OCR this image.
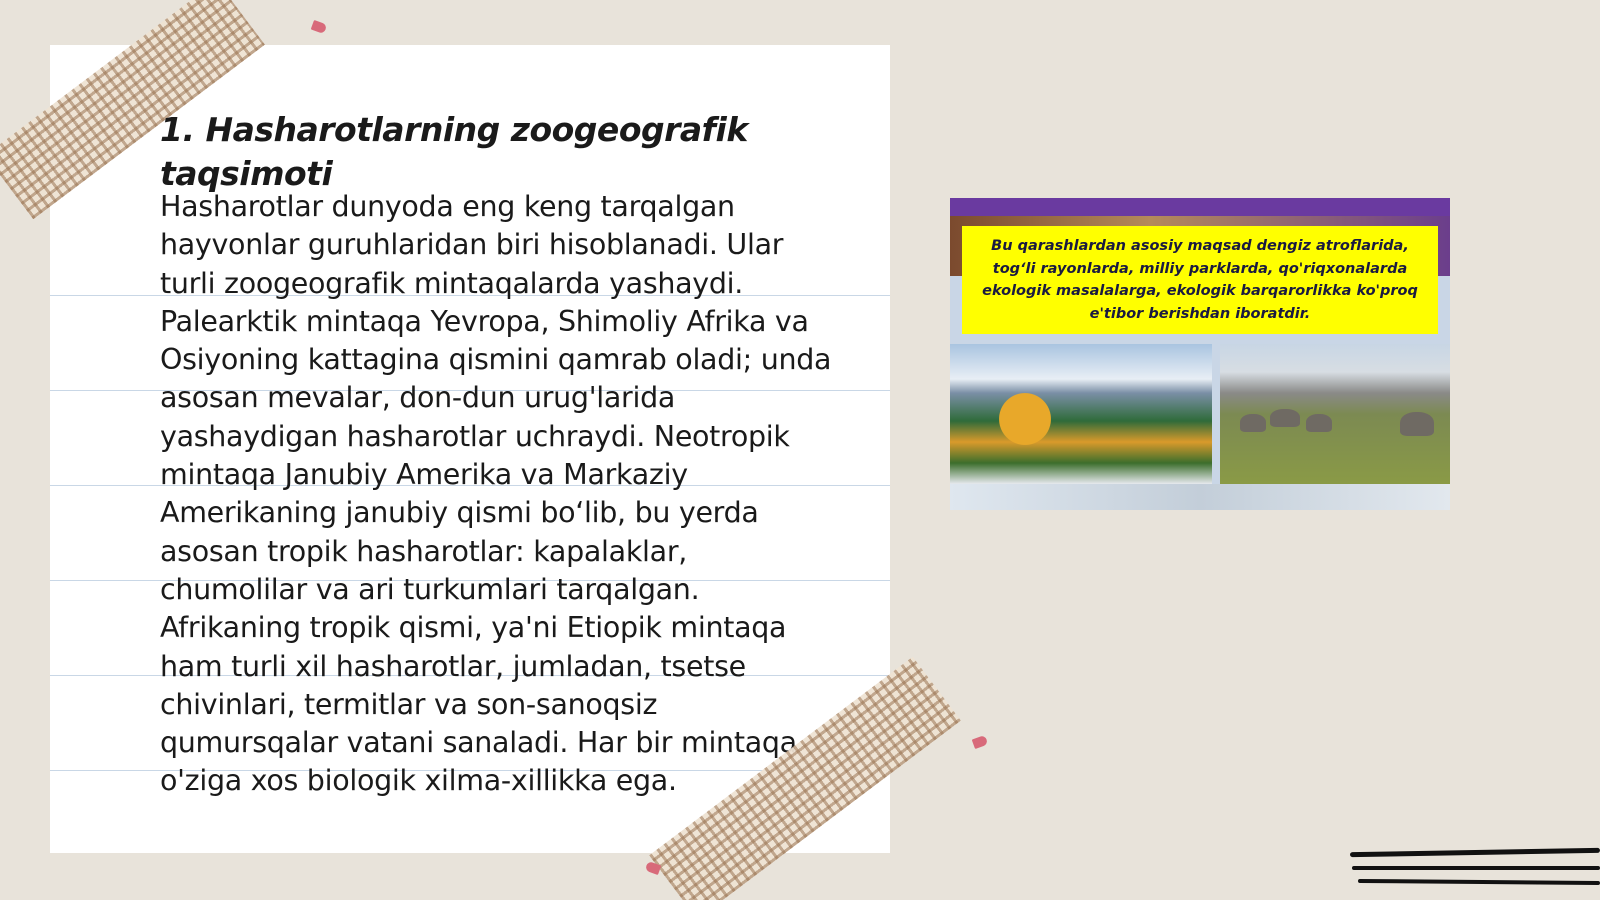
1. Hasharotlarning zoogeografik taqsimoti

Hasharotlar dunyoda eng keng tarqalgan hayvonlar guruhlaridan biri hisoblanadi. Ular turli zoogeografik mintaqalarda yashaydi. Palearktik mintaqa Yevropa, Shimoliy Afrika va Osiyoning kattagina qismini qamrab oladi; unda asosan mevalar, don-dun urug'larida yashaydigan hasharotlar uchraydi. Neotropik mintaqa Janubiy Amerika va Markaziy Amerikaning janubiy qismi bo‘lib, bu yerda asosan tropik hasharotlar: kapalaklar, chumolilar va ari turkumlari tarqalgan. Afrikaning tropik qismi, ya'ni Etiopik mintaqa ham turli xil hasharotlar, jumladan, tsetse chivinlari, termitlar va son-sanoqsiz qumursqalar vatani sanaladi. Har bir mintaqa o'ziga xos biologik xilma-xillikka ega.

Bu qarashlardan asosiy maqsad dengiz atroflarida, tog‘li rayonlarda, milliy parklarda, qo'riqxonalarda ekologik masalalarga, ekologik barqarorlikka ko'proq e'tibor berishdan iboratdir.
